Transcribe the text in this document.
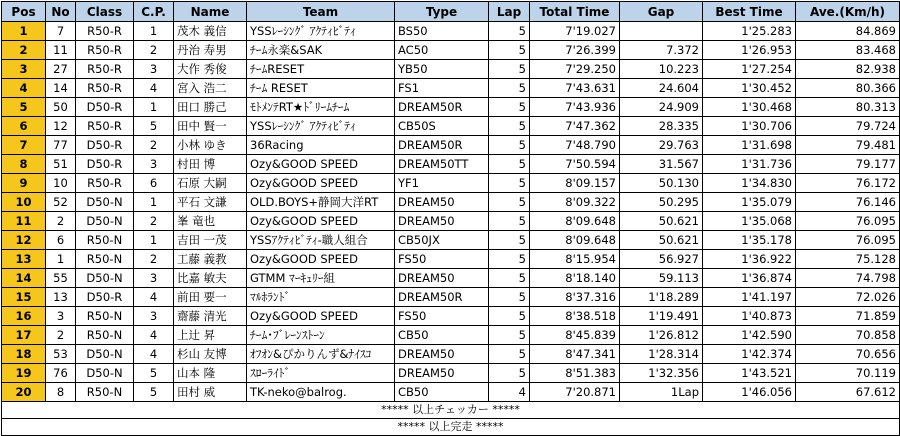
Pos	No	Class	C.P.	Name	Team	Type	Lap	Total Time	Gap	Best Time	Ave.(Km/h)
1	7	R50-R	1	茂木 義信	YSSﾚｰｼﾝｸﾞ ｱｸﾃｨﾋﾞﾃｨ	BS50	5	7'19.027		1'25.283	84.869
2	11	R50-R	2	丹治 寿男	ﾁｰﾑ永楽&SAK	AC50	5	7'26.399	7.372	1'26.953	83.468
3	27	R50-R	3	大作 秀俊	ﾁｰﾑRESET	YB50	5	7'29.250	10.223	1'27.254	82.938
4	14	R50-R	4	宮入 浩二	ﾁｰﾑ RESET	FS1	5	7'43.631	24.604	1'30.452	80.366
5	50	D50-R	1	田口 勝己	ﾓﾄﾒﾝﾃRT★ﾄﾞﾘｰﾑﾁｰﾑ	DREAM50R	5	7'43.936	24.909	1'30.468	80.313
6	12	R50-R	5	田中 賢一	YSSﾚｰｼﾝｸﾞ ｱｸﾃｨﾋﾞﾃｨ	CB50S	5	7'47.362	28.335	1'30.706	79.724
7	77	D50-R	2	小林 ゆき	36Racing	DREAM50R	5	7'48.790	29.763	1'31.698	79.481
8	51	D50-R	3	村田 博	Ozy&GOOD SPEED	DREAM50TT	5	7'50.594	31.567	1'31.736	79.177
9	10	R50-R	6	石原 大嗣	Ozy&GOOD SPEED	YF1	5	8'09.157	50.130	1'34.830	76.172
10	52	D50-N	1	平石 文謙	OLD.BOYS+静岡大洋RT	DREAM50	5	8'09.322	50.295	1'35.079	76.146
11	2	D50-N	2	峯 竜也	Ozy&GOOD SPEED	DREAM50	5	8'09.648	50.621	1'35.068	76.095
12	6	R50-N	1	吉田 一茂	YSSｱｸﾃｨﾋﾞﾃｨ-職人組合	CB50JX	5	8'09.648	50.621	1'35.178	76.095
13	1	R50-N	2	工藤 義教	Ozy&GOOD SPEED	FS50	5	8'15.954	56.927	1'36.922	75.128
14	55	D50-N	3	比嘉 敏夫	GTMM ﾏｰｷｭﾘｰ組	DREAM50	5	8'18.140	59.113	1'36.874	74.798
15	13	D50-R	4	前田 要一	ﾏﾙﾎﾗﾝﾄﾞ	DREAM50R	5	8'37.316	1'18.289	1'41.197	72.026
16	3	R50-N	3	齋藤 清光	Ozy&GOOD SPEED	FS50	5	8'38.518	1'19.491	1'40.873	71.859
17	2	R50-N	4	上辻 昇	ﾁｰﾑ･ﾌﾞﾚｰﾝｽﾄｰﾝ	CB50	5	8'45.839	1'26.812	1'42.590	70.858
18	53	D50-N	4	杉山 友博	ｵﾌｵﾝ&ぴかりんず&ﾅｲｽｺ	DREAM50	5	8'47.341	1'28.314	1'42.374	70.656
19	76	D50-N	5	山本 隆	ｽﾛｰﾗｲﾄﾞ	DREAM50	5	8'51.383	1'32.356	1'43.521	70.119
20	8	R50-N	5	田村 威	TK-neko@balrog.	CB50	4	7'20.871	1Lap	1'46.056	67.612
***** 以上チェッカー *****											
***** 以上完走 *****											
